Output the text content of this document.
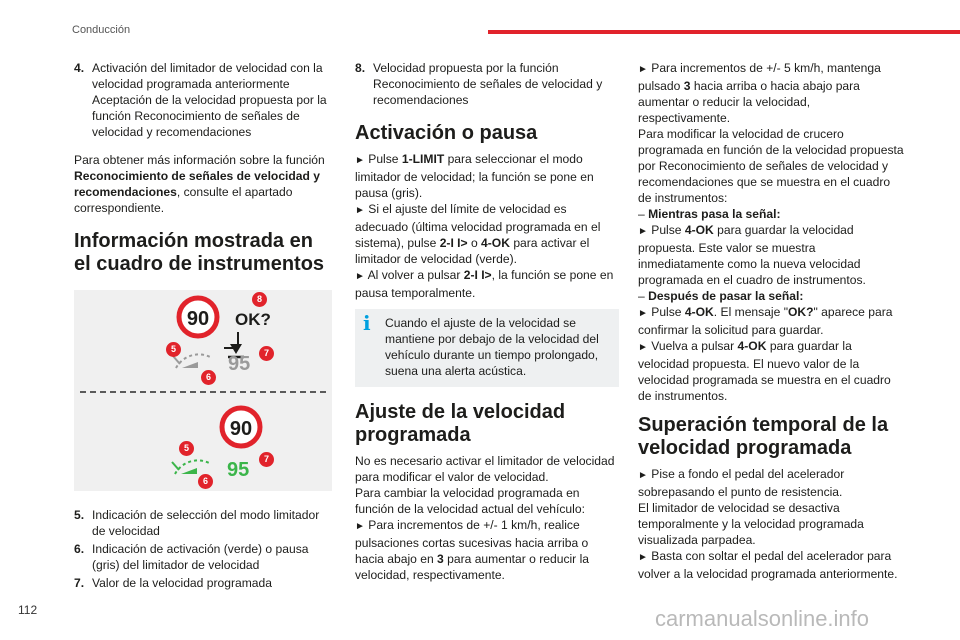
Conducción
4. Activación del limitador de velocidad con la velocidad programada anteriormente Aceptación de la velocidad propuesta por la función Reconocimiento de señales de velocidad y recomendaciones

Para obtener más información sobre la función Reconocimiento de señales de velocidad y recomendaciones, consulte el apartado correspondiente.

Información mostrada en el cuadro de instrumentos
90 OK?
95
90
95
8
5	7
6
5
7
6
5. Indicación de selección del modo limitador de velocidad
6. Indicación de activación (verde) o pausa (gris) del limitador de velocidad
7. Valor de la velocidad programada
8. Velocidad propuesta por la función Reconocimiento de señales de velocidad y recomendaciones
Activación o pausa

► Pulse 1-LIMIT para seleccionar el modo limitador de velocidad; la función se pone en pausa (gris).

► Si el ajuste del límite de velocidad es adecuado (última velocidad programada en el sistema), pulse 2-I I> o 4-OK para activar el limitador de velocidad (verde).

► Al volver a pulsar 2-I I>, la función se pone en pausa temporalmente.

i	Cuando el ajuste de la velocidad se mantiene por debajo de la velocidad del vehículo durante un tiempo prolongado, suena una alerta acústica.
Ajuste de la velocidad programada

No es necesario activar el limitador de velocidad para modificar el valor de velocidad.

Para cambiar la velocidad programada en función de la velocidad actual del vehículo:

► Para incrementos de +/- 1 km/h, realice pulsaciones cortas sucesivas hacia arriba o hacia abajo en 3 para aumentar o reducir la velocidad, respectivamente.

► Para incrementos de +/- 5 km/h, mantenga pulsado 3 hacia arriba o hacia abajo para aumentar o reducir la velocidad, respectivamente.

Para modificar la velocidad de crucero programada en función de la velocidad propuesta por Reconocimiento de señales de velocidad y recomendaciones que se muestra en el cuadro de instrumentos:

– Mientras pasa la señal:

► Pulse 4-OK para guardar la velocidad propuesta. Este valor se muestra inmediatamente como la nueva velocidad programada en el cuadro de instrumentos.

– Después de pasar la señal:

► Pulse 4-OK. El mensaje "OK?" aparece para confirmar la solicitud para guardar.

► Vuelva a pulsar 4-OK para guardar la velocidad propuesta. El nuevo valor de la velocidad programada se muestra en el cuadro de instrumentos.

Superación temporal de la velocidad programada

► Pise a fondo el pedal del acelerador sobrepasando el punto de resistencia.

El limitador de velocidad se desactiva temporalmente y la velocidad programada visualizada parpadea.

► Basta con soltar el pedal del acelerador para volver a la velocidad programada anteriormente.

112	carmanualsonline.info
